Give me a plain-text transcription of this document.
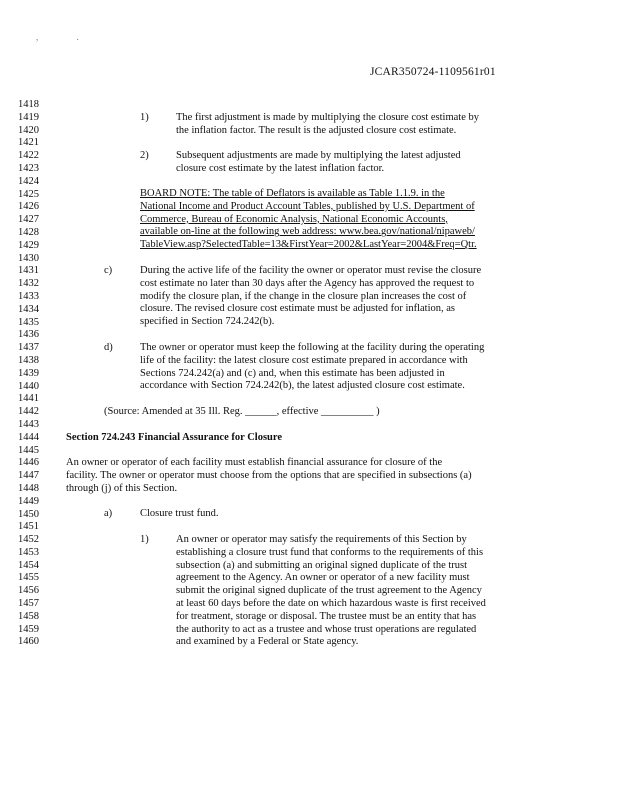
, .
JCAR350724-1109561r01
1418
1419
1420
1421
1422
1423
1424
1425
1426
1427
1428
1429
1430
1431
1432
1433
1434
1435
1436
1437
1438
1439
1440
1441
1442
1443
1444
1445
1446
1447
1448
1449
1450
1451
1452
1453
1454
1455
1456
1457
1458
1459
1460
1)	The first adjustment is made by multiplying the closure cost estimate by
the inflation factor. The result is the adjusted closure cost estimate.
2)	Subsequent adjustments are made by multiplying the latest adjusted
closure cost estimate by the latest inflation factor.
BOARD NOTE: The table of Deflators is available as Table 1.1.9. in the
National Income and Product Account Tables, published by U.S. Department of
Commerce, Bureau of Economic Analysis, National Economic Accounts,
available on-line at the following web address: www.bea.gov/national/nipaweb/
TableView.asp?SelectedTable=13&FirstYear=2002&LastYear=2004&Freq=Qtr.
c)	During the active life of the facility the owner or operator must revise the closure
cost estimate no later than 30 days after the Agency has approved the request to
modify the closure plan, if the change in the closure plan increases the cost of
closure. The revised closure cost estimate must be adjusted for inflation, as
specified in Section 724.242(b).
d)	The owner or operator must keep the following at the facility during the operating
life of the facility: the latest closure cost estimate prepared in accordance with
Sections 724.242(a) and (c) and, when this estimate has been adjusted in
accordance with Section 724.242(b), the latest adjusted closure cost estimate.
(Source: Amended at 35 Ill. Reg. ______, effective __________ )
Section 724.243 Financial Assurance for Closure
An owner or operator of each facility must establish financial assurance for closure of the
facility. The owner or operator must choose from the options that are specified in subsections (a)
through (j) of this Section.
a)	Closure trust fund.
1)	An owner or operator may satisfy the requirements of this Section by
establishing a closure trust fund that conforms to the requirements of this
subsection (a) and submitting an original signed duplicate of the trust
agreement to the Agency. An owner or operator of a new facility must
submit the original signed duplicate of the trust agreement to the Agency
at least 60 days before the date on which hazardous waste is first received
for treatment, storage or disposal. The trustee must be an entity that has
the authority to act as a trustee and whose trust operations are regulated
and examined by a Federal or State agency.
